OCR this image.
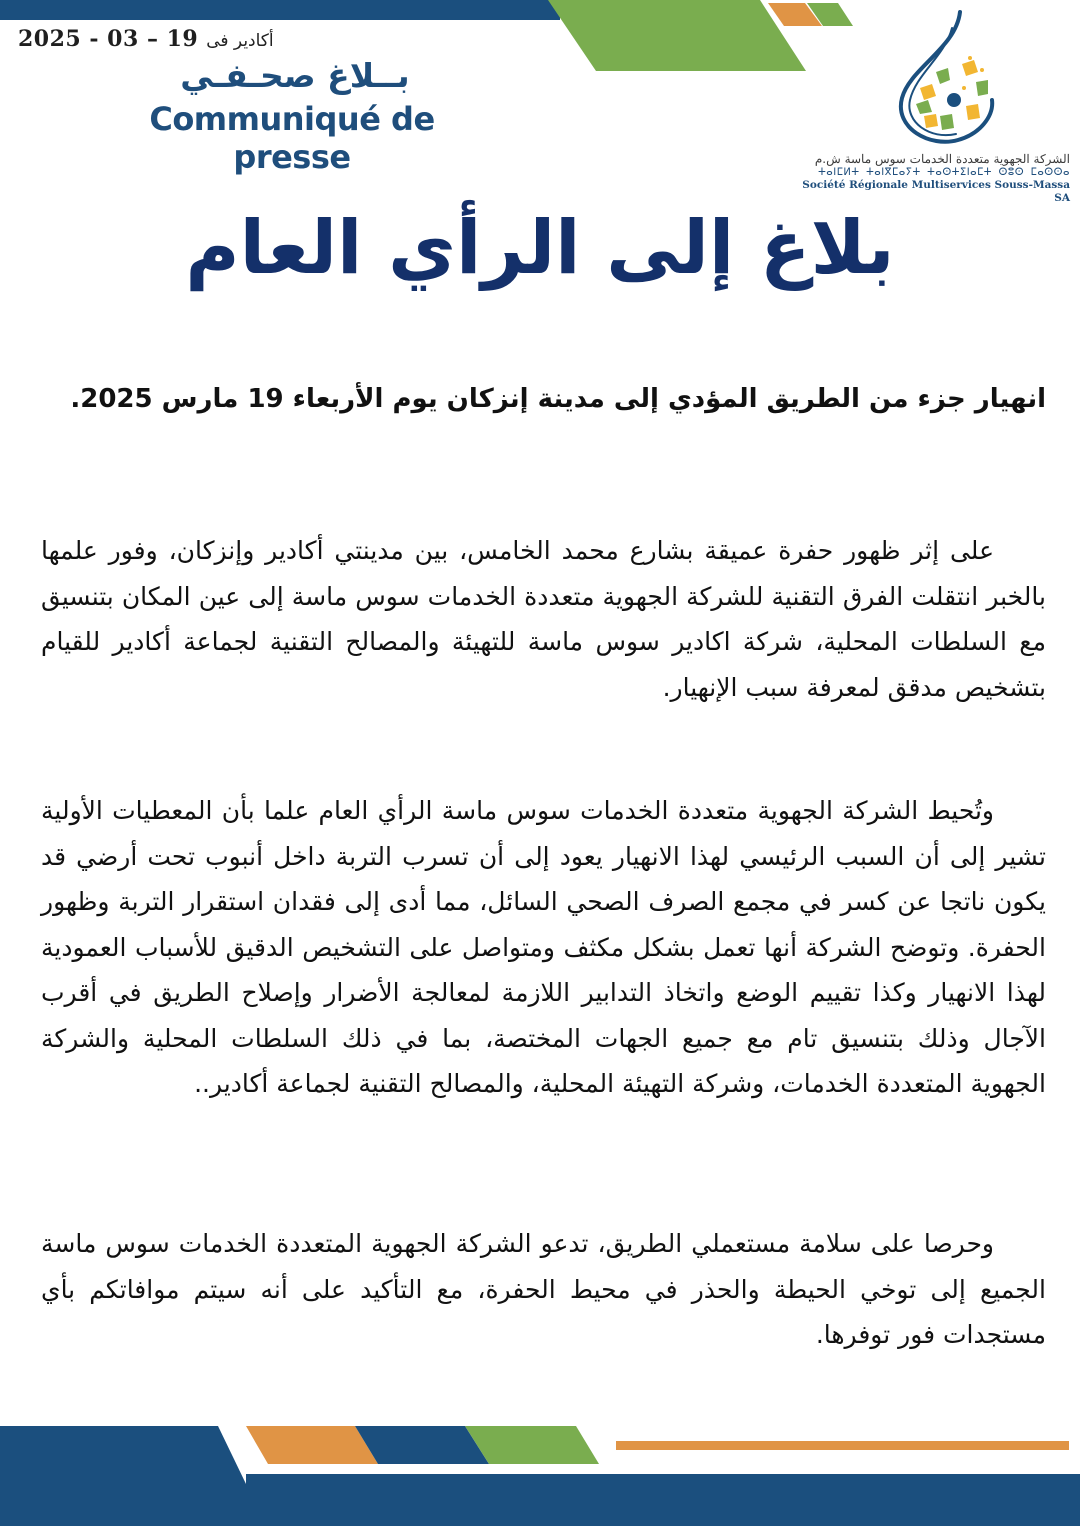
2025 - 03 – 19 أكادير فى
بــلاغ صحـفـي
Communiqué de presse	الشركة الجهوية متعددة الخدمات سوس ماسة ش.م
ⵜⴰⵏⵎⵍⵜ ⵜⴰⵏⴳⵎⴰⵢⵜ ⵜⴰⵙⵜⵉⵏⴰⵎⵜ ⵙⵓⵙ ⵎⴰⵙⵙⴰ
Société Régionale Multiservices Souss-Massa SA
بلاغ إلى الرأي العام
انهيار جزء من الطريق المؤدي إلى مدينة إنزكان يوم الأربعاء 19 مارس 2025.

على إثر ظهور حفرة عميقة بشارع محمد الخامس، بين مدينتي أكادير وإنزكان، وفور علمها بالخبر انتقلت الفرق التقنية للشركة الجهوية متعددة الخدمات سوس ماسة إلى عين المكان بتنسيق مع السلطات المحلية، شركة اكادير سوس ماسة للتهيئة والمصالح التقنية لجماعة أكادير للقيام بتشخيص مدقق لمعرفة سبب الإنهيار.

وتُحيط الشركة الجهوية متعددة الخدمات سوس ماسة الرأي العام علما بأن المعطيات الأولية تشير إلى أن السبب الرئيسي لهذا الانهيار يعود إلى أن تسرب التربة داخل أنبوب تحت أرضي قد يكون ناتجا عن كسر في مجمع الصرف الصحي السائل، مما أدى إلى فقدان استقرار التربة وظهور الحفرة. وتوضح الشركة أنها تعمل بشكل مكثف ومتواصل على التشخيص الدقيق للأسباب العمودية لهذا الانهيار وكذا تقييم الوضع واتخاذ التدابير اللازمة لمعالجة الأضرار وإصلاح الطريق في أقرب الآجال وذلك بتنسيق تام مع جميع الجهات المختصة، بما في ذلك السلطات المحلية والشركة الجهوية المتعددة الخدمات، وشركة التهيئة المحلية، والمصالح التقنية لجماعة أكادير..

وحرصا على سلامة مستعملي الطريق، تدعو الشركة الجهوية المتعددة الخدمات سوس ماسة الجميع إلى توخي الحيطة والحذر في محيط الحفرة، مع التأكيد على أنه سيتم موافاتكم بأي مستجدات فور توفرها.
